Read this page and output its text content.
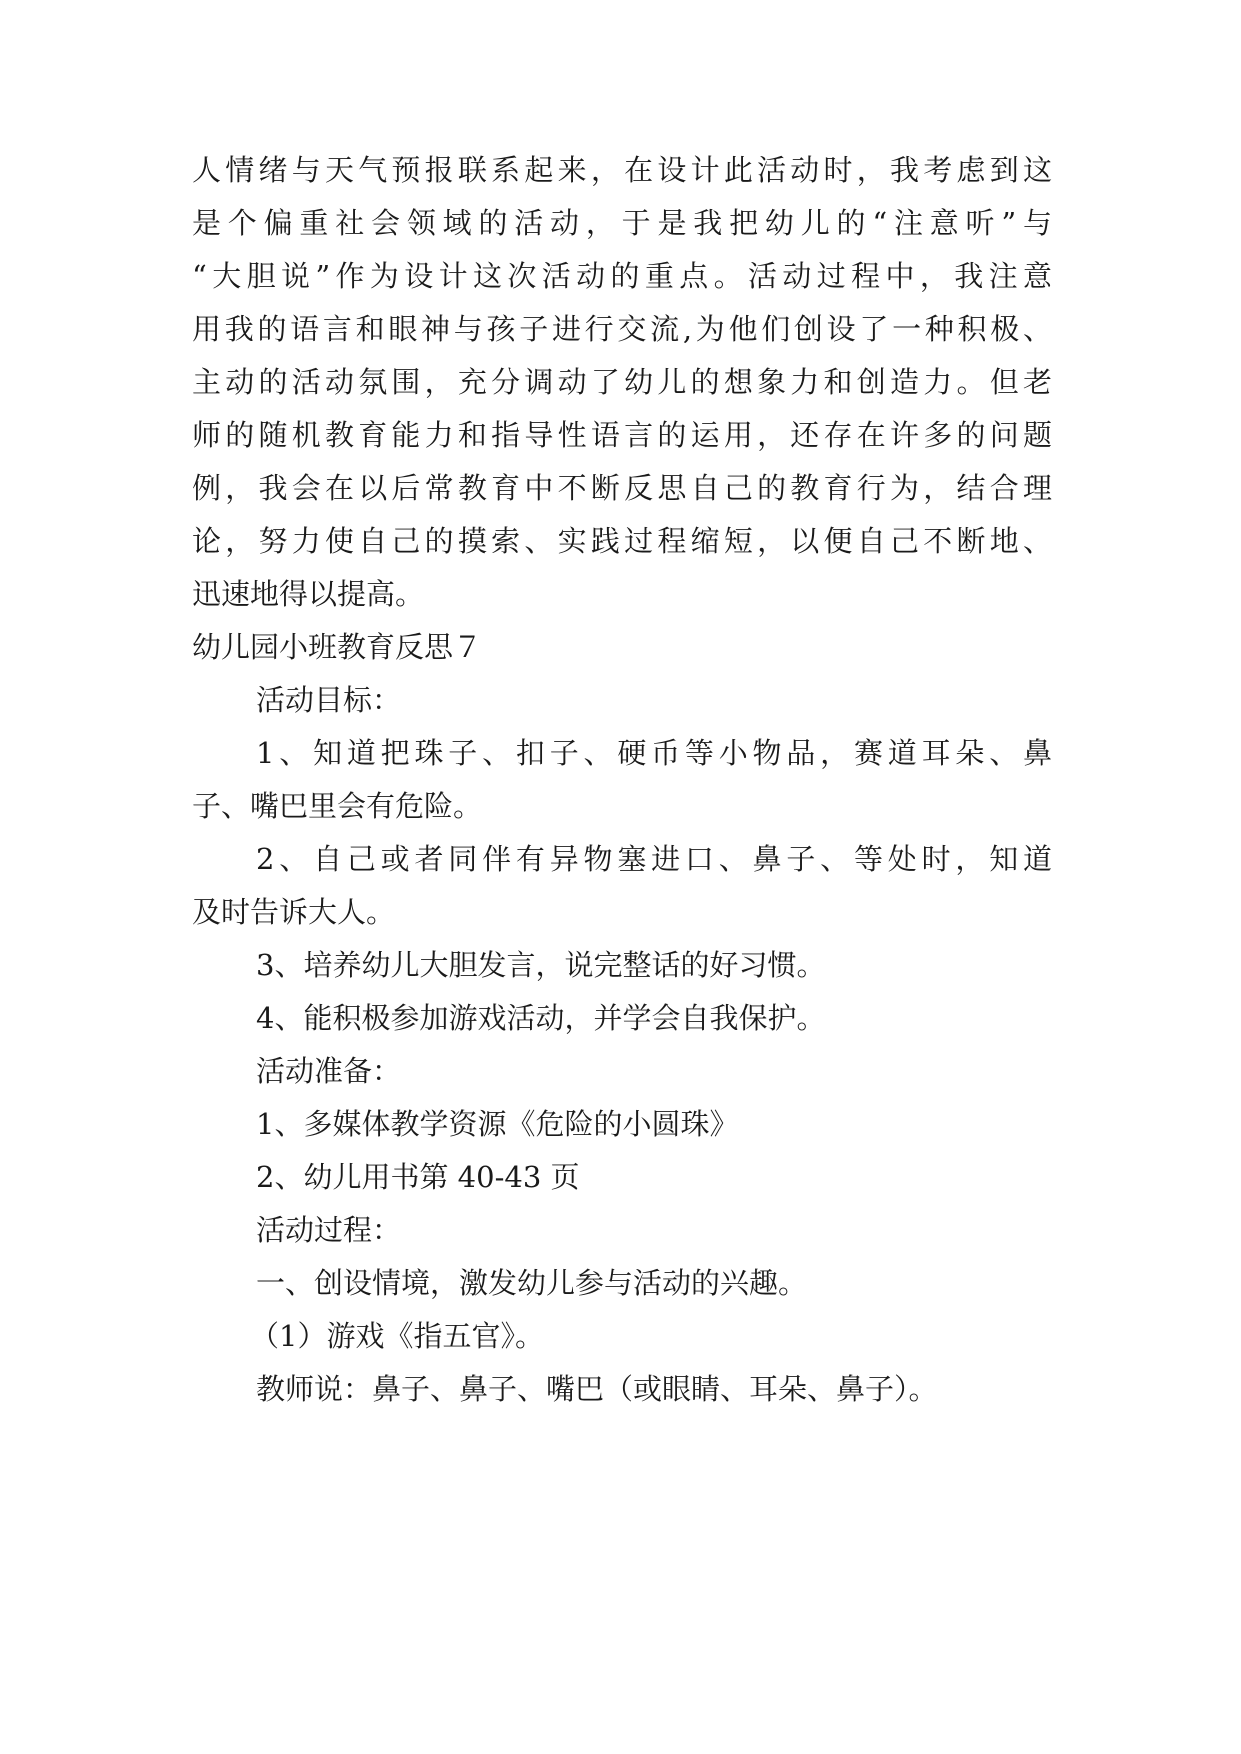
人情绪与天气预报联系起来，在设计此活动时，我考虑到这
是个偏重社会领域的活动，于是我把幼儿的“注意听”与
“大胆说”作为设计这次活动的重点。活动过程中，我注意
用我的语言和眼神与孩子进行交流,为他们创设了一种积极、
主动的活动氛围，充分调动了幼儿的想象力和创造力。但老
师的随机教育能力和指导性语言的运用，还存在许多的问题
例，我会在以后常教育中不断反思自己的教育行为，结合理
论，努力使自己的摸索、实践过程缩短，以便自己不断地、
迅速地得以提高。
幼儿园小班教育反思７
活动目标：
1、知道把珠子、扣子、硬币等小物品，赛道耳朵、鼻
子、嘴巴里会有危险。
2、自己或者同伴有异物塞进口、鼻子、等处时，知道
及时告诉大人。
3、培养幼儿大胆发言，说完整话的好习惯。
4、能积极参加游戏活动，并学会自我保护。
活动准备：
1、多媒体教学资源《危险的小圆珠》
2、幼儿用书第 40-43 页
活动过程：
一、创设情境，激发幼儿参与活动的兴趣。
（1）游戏《指五官》。
教师说：鼻子、鼻子、嘴巴（或眼睛、耳朵、鼻子）。
